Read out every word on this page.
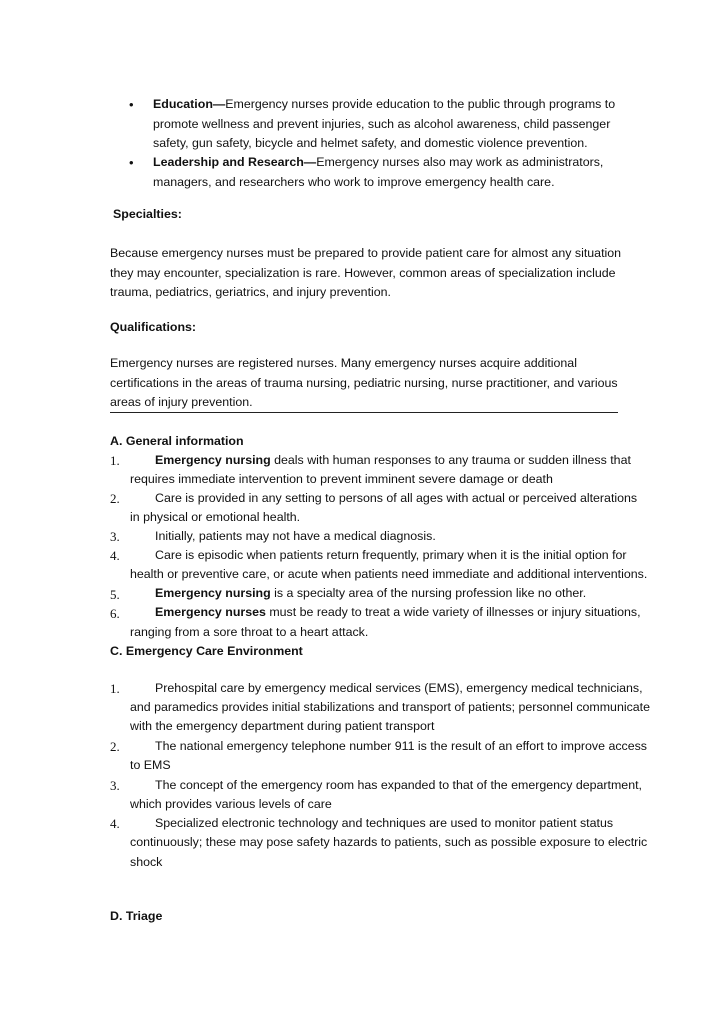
• Education—Emergency nurses provide education to the public through programs to
promote wellness and prevent injuries, such as alcohol awareness, child passenger
safety, gun safety, bicycle and helmet safety, and domestic violence prevention.
• Leadership and Research—Emergency nurses also may work as administrators,
managers, and researchers who work to improve emergency health care.
Specialties:
Because emergency nurses must be prepared to provide patient care for almost any situation
they may encounter, specialization is rare. However, common areas of specialization include
trauma, pediatrics, geriatrics, and injury prevention.
Qualifications:
Emergency nurses are registered nurses. Many emergency nurses acquire additional
certifications in the areas of trauma nursing, pediatric nursing, nurse practitioner, and various
areas of injury prevention.
A. General information
1.	Emergency nursing deals with human responses to any trauma or sudden illness that
requires immediate intervention to prevent imminent severe damage or death
2.	Care is provided in any setting to persons of all ages with actual or perceived alterations
in physical or emotional health.
3.	Initially, patients may not have a medical diagnosis.
4.	Care is episodic when patients return frequently, primary when it is the initial option for
health or preventive care, or acute when patients need immediate and additional interventions.
5.	Emergency nursing is a specialty area of the nursing profession like no other.
6.	Emergency nurses must be ready to treat a wide variety of illnesses or injury situations,
ranging from a sore throat to a heart attack.
C. Emergency Care Environment
1.	Prehospital care by emergency medical services (EMS), emergency medical technicians,
and paramedics provides initial stabilizations and transport of patients; personnel communicate
with the emergency department during patient transport
2.	The national emergency telephone number 911 is the result of an effort to improve access
to EMS
3.	The concept of the emergency room has expanded to that of the emergency department,
which provides various levels of care
4.	Specialized electronic technology and techniques are used to monitor patient status
continuously; these may pose safety hazards to patients, such as possible exposure to electric
shock
D. Triage
